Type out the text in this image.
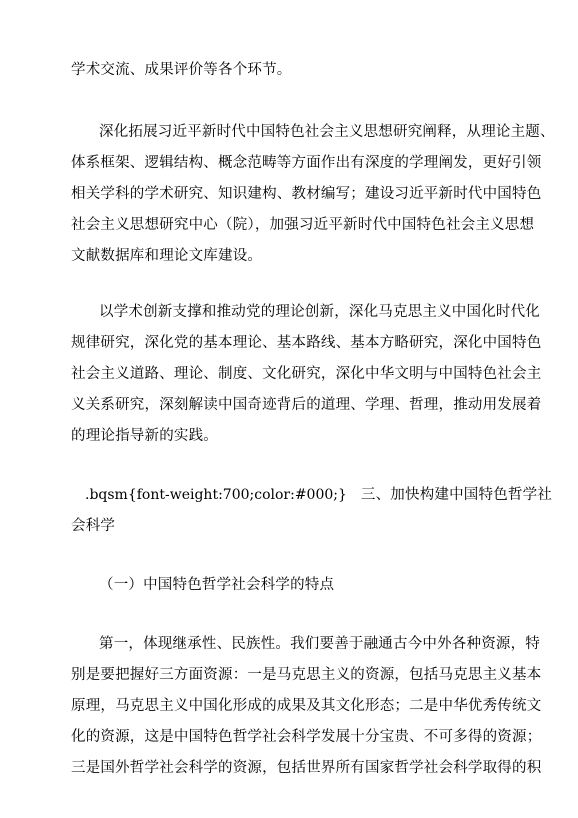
学术交流、成果评价等各个环节。
深化拓展习近平新时代中国特色社会主义思想研究阐释，从理论主题、
体系框架、逻辑结构、概念范畴等方面作出有深度的学理阐发，更好引领
相关学科的学术研究、知识建构、教材编写；建设习近平新时代中国特色
社会主义思想研究中心（院），加强习近平新时代中国特色社会主义思想
文献数据库和理论文库建设。
以学术创新支撑和推动党的理论创新，深化马克思主义中国化时代化
规律研究，深化党的基本理论、基本路线、基本方略研究，深化中国特色
社会主义道路、理论、制度、文化研究，深化中华文明与中国特色社会主
义关系研究，深刻解读中国奇迹背后的道理、学理、哲理，推动用发展着
的理论指导新的实践。
.bqsm{font-weight:700;color:#000;} 三、加快构建中国特色哲学社
会科学
（一）中国特色哲学社会科学的特点
第一，体现继承性、民族性。我们要善于融通古今中外各种资源，特
别是要把握好三方面资源：一是马克思主义的资源，包括马克思主义基本
原理，马克思主义中国化形成的成果及其文化形态；二是中华优秀传统文
化的资源，这是中国特色哲学社会科学发展十分宝贵、不可多得的资源；
三是国外哲学社会科学的资源，包括世界所有国家哲学社会科学取得的积
